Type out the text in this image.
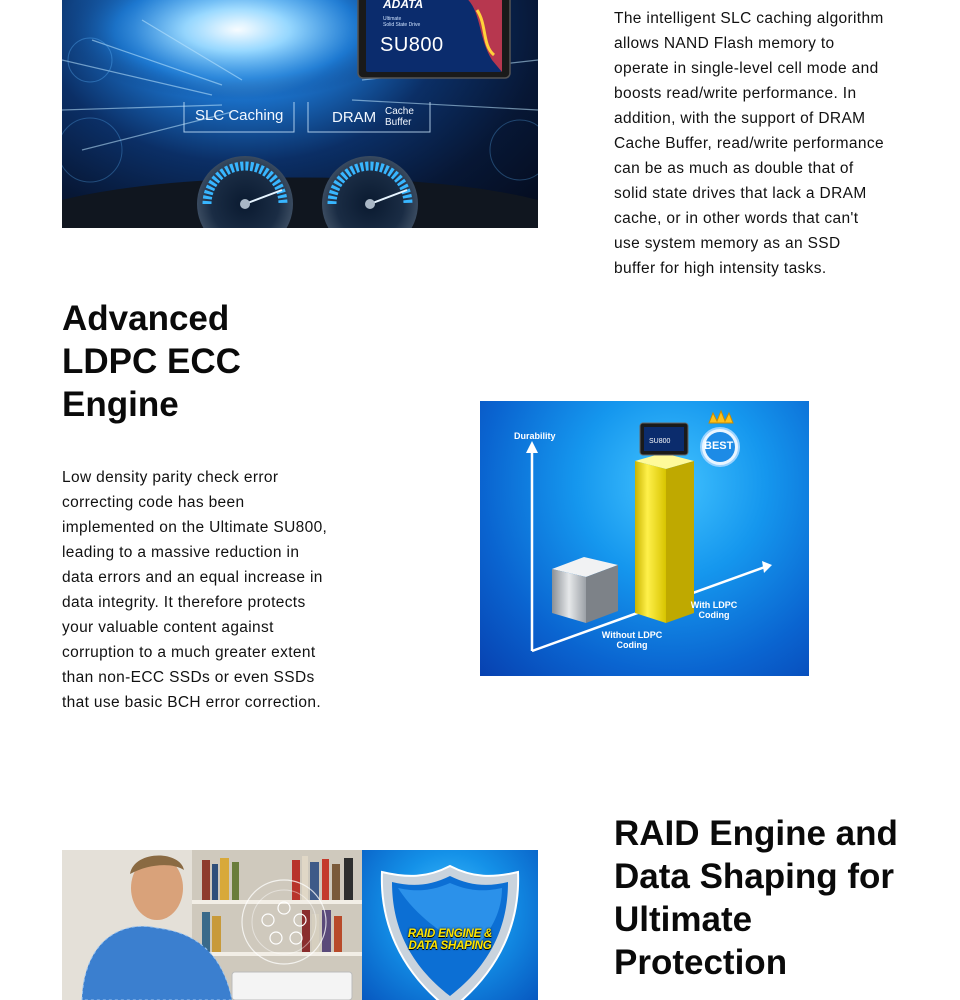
ADATA
Ultimate
Solid State Drive
SU800
SLC Caching	DRAM Cache
Buffer

The intelligent SLC caching algorithm allows NAND Flash memory to operate in single-level cell mode and boosts read/write performance. In addition, with the support of DRAM Cache Buffer, read/write performance can be as much as double that of solid state drives that lack a DRAM cache, or in other words that can't use system memory as an SSD buffer for high intensity tasks.

Advanced LDPC ECC Engine

Low density parity check error correcting code has been implemented on the Ultimate SU800, leading to a massive reduction in data errors and an equal increase in data integrity. It therefore protects your valuable content against corruption to a much greater extent than non-ECC SSDs or even SSDs that use basic BCH error correction.

Durability
BEST
SU800
With LDPC Coding
Without LDPC Coding
RAID Engine and Data Shaping for Ultimate Protection
RAID ENGINE & DATA SHAPING
